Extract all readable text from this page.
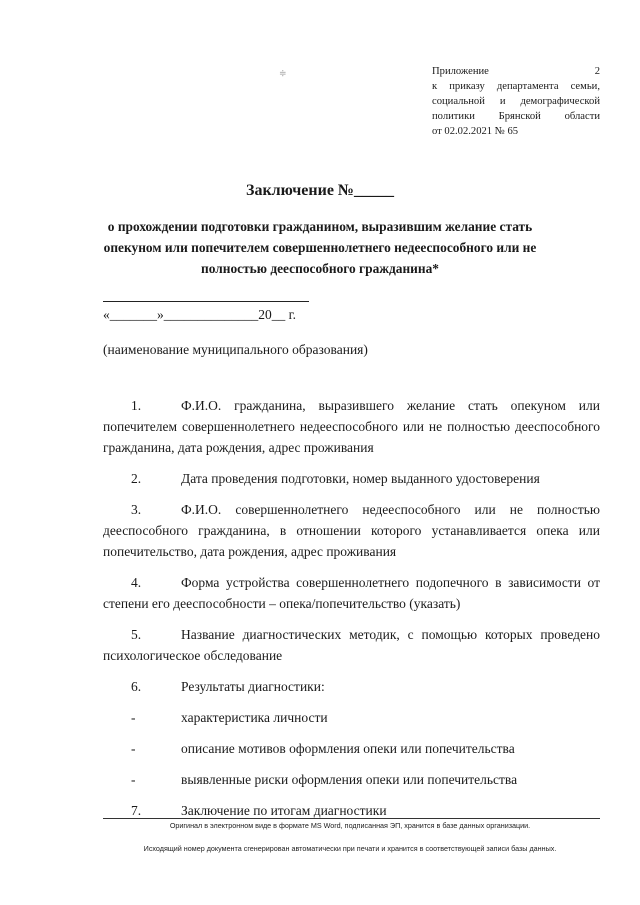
≑	Приложение 2
к приказу департамента семьи,
социальной и демографической
политики Брянской области
от 02.02.2021 № 65
Заключение №_____
о прохождении подготовки гражданином, выразившим желание стать опекуном или попечителем совершеннолетнего недееспособного или не полностью дееспособного гражданина*
«_______»______________20__ г.
(наименование муниципального образования)

1.	Ф.И.О. гражданина, выразившего желание стать опекуном или попечителем совершеннолетнего недееспособного или не полностью дееспособного гражданина, дата рождения, адрес проживания

2.	Дата проведения подготовки, номер выданного удостоверения

3.	Ф.И.О. совершеннолетнего недееспособного или не полностью дееспособного гражданина, в отношении которого устанавливается опека или попечительство, дата рождения, адрес проживания

4.	Форма устройства совершеннолетнего подопечного в зависимости от степени его дееспособности – опека/попечительство (указать)

5.	Название диагностических методик, с помощью которых проведено психологическое обследование

6.	Результаты диагностики:

-	характеристика личности

-	описание мотивов оформления опеки или попечительства

-	выявленные риски оформления опеки или попечительства

7.	Заключение по итогам диагностики

Оригинал в электронном виде в формате MS Word, подписанная ЭП, хранится в базе данных организации.
Исходящий номер документа сгенерирован автоматически при печати и хранится в соответствующей записи базы данных.
